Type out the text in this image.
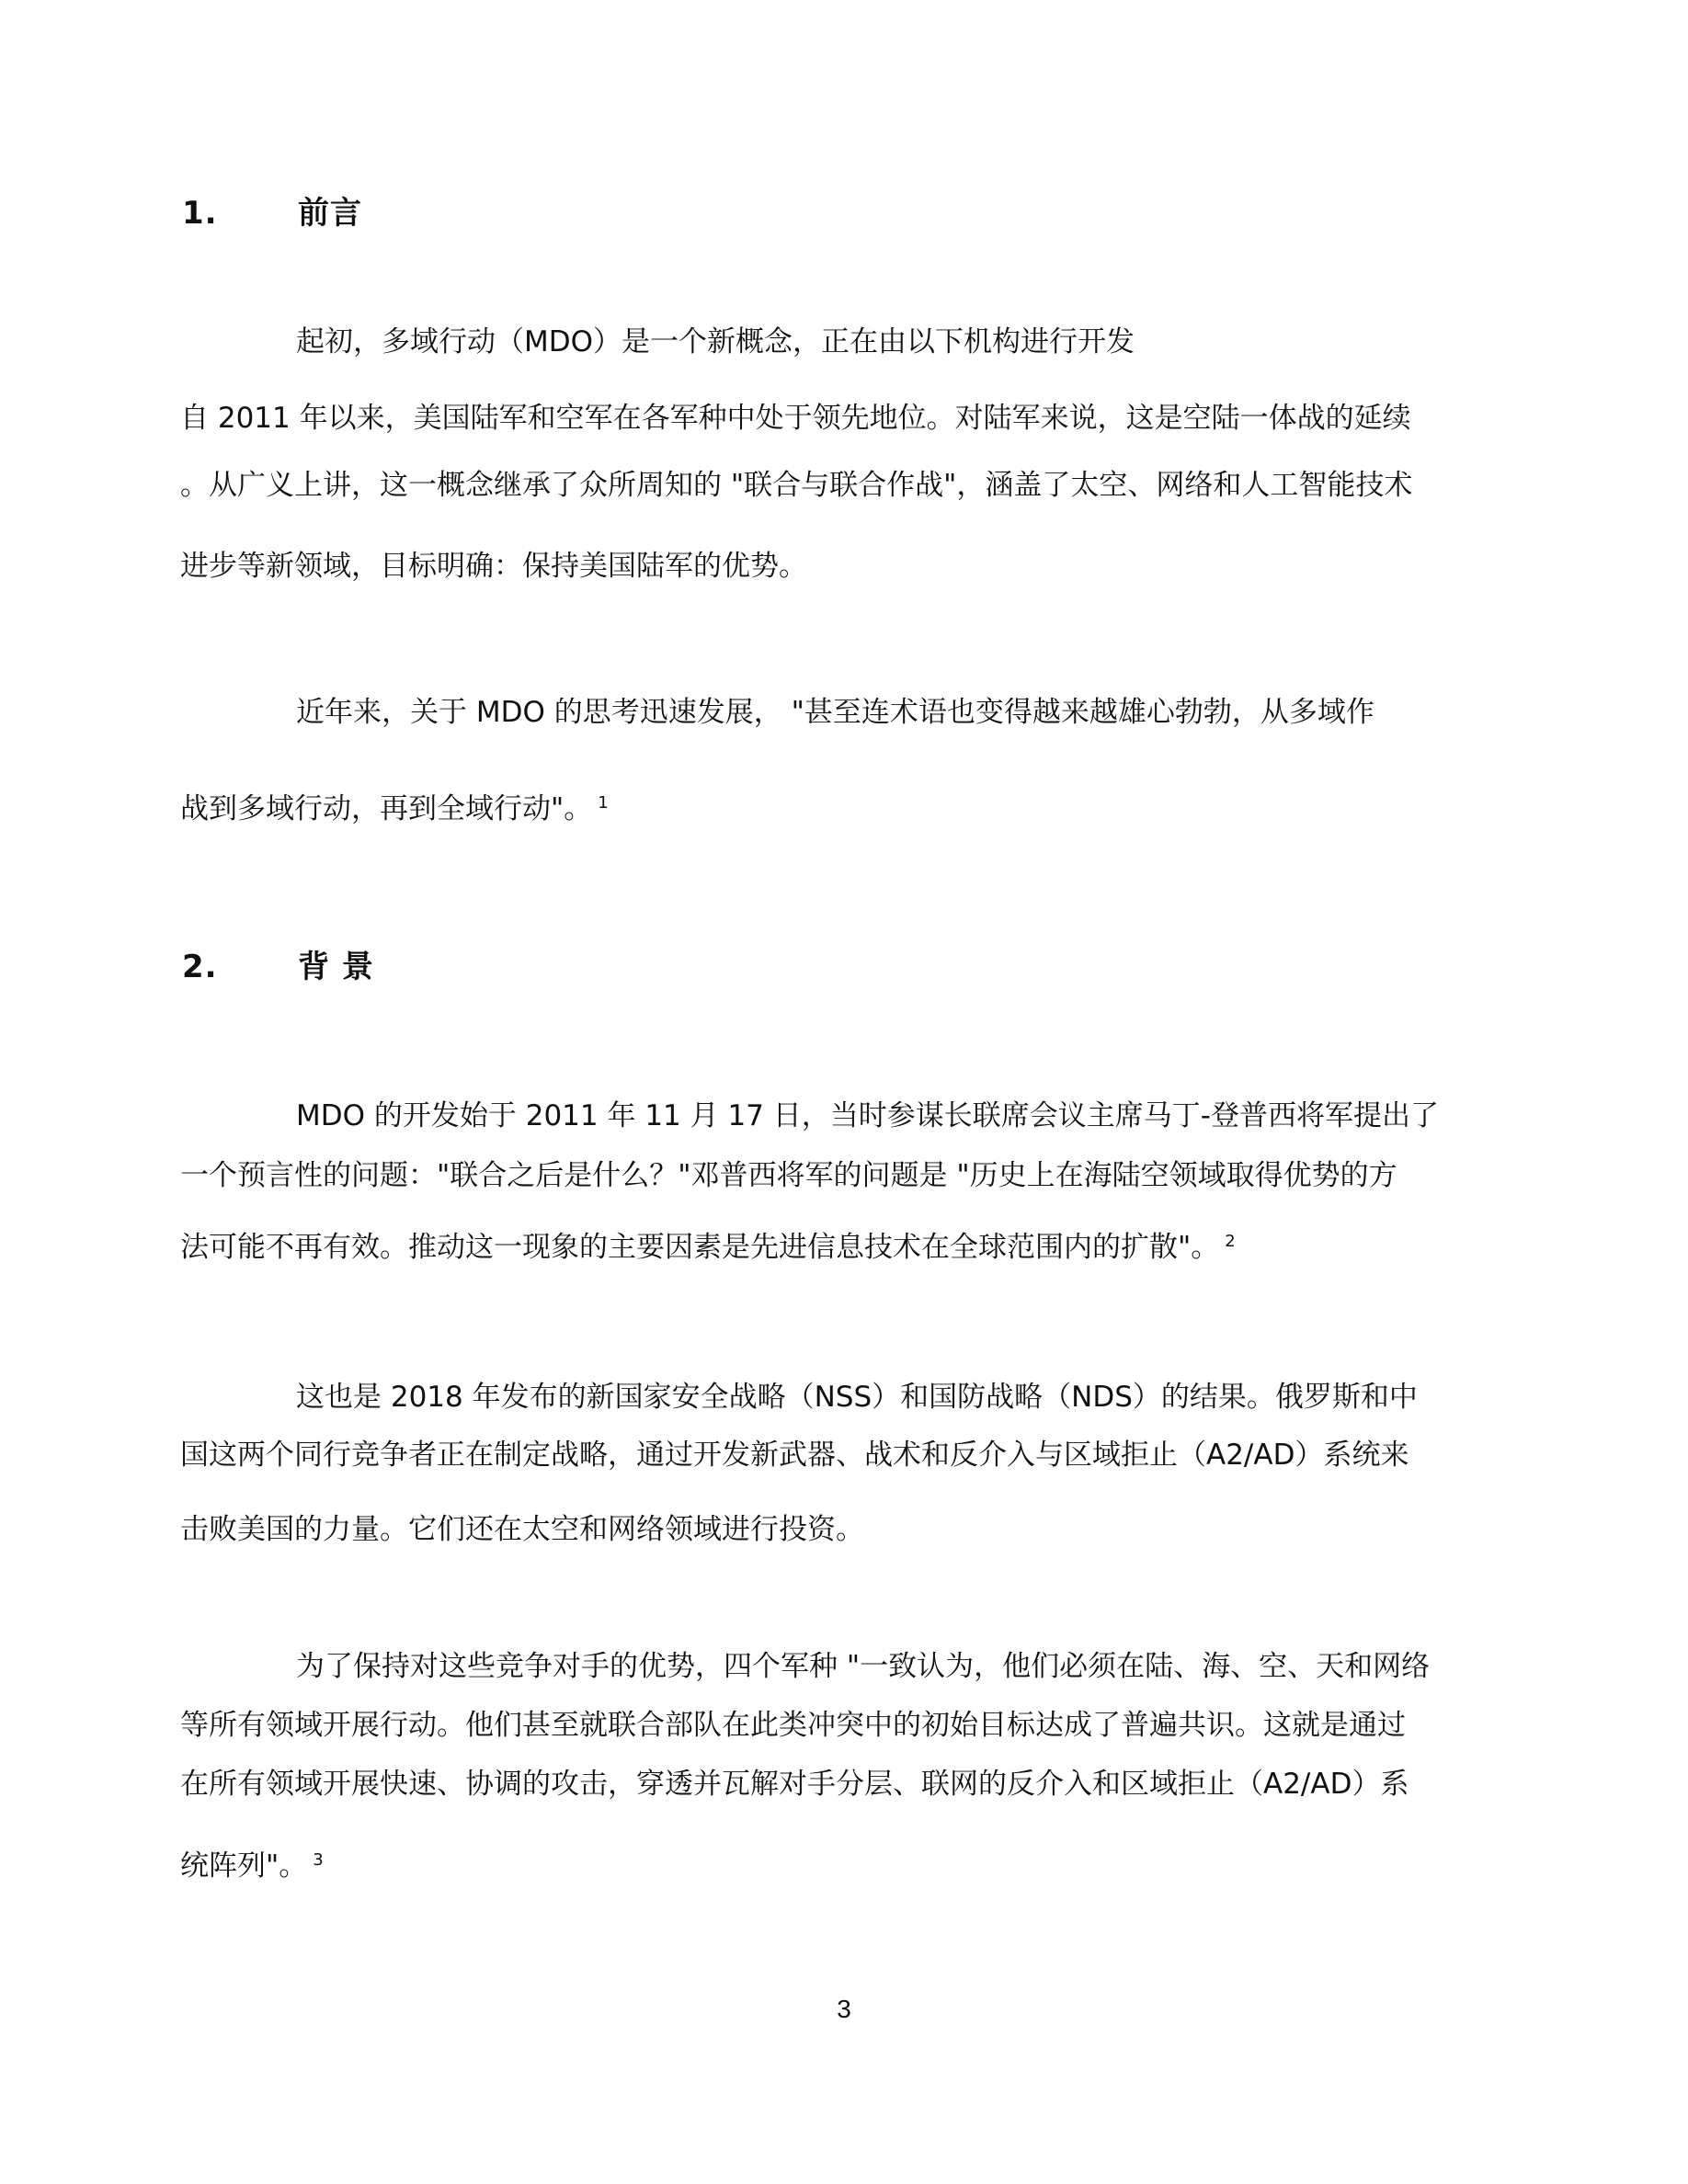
1.	前言

起初，多域行动（MDO）是一个新概念，正在由以下机构进行开发

自 2011 年以来，美国陆军和空军在各军种中处于领先地位。对陆军来说，这是空陆一体战的延续

。从广义上讲，这一概念继承了众所周知的 "联合与联合作战"，涵盖了太空、网络和人工智能技术

进步等新领域，目标明确：保持美国陆军的优势。

近年来，关于 MDO 的思考迅速发展， "甚至连术语也变得越来越雄心勃勃，从多域作

战到多域行动，再到全域行动"。 $^1$

2.	背 景

MDO 的开发始于 2011 年 11 月 17 日，当时参谋长联席会议主席马丁-登普西将军提出了

一个预言性的问题："联合之后是什么？"邓普西将军的问题是 "历史上在海陆空领域取得优势的方

法可能不再有效。推动这一现象的主要因素是先进信息技术在全球范围内的扩散"。 $^2$

这也是 2018 年发布的新国家安全战略（NSS）和国防战略（NDS）的结果。俄罗斯和中

国这两个同行竞争者正在制定战略，通过开发新武器、战术和反介入与区域拒止（A2/AD）系统来

击败美国的力量。它们还在太空和网络领域进行投资。

为了保持对这些竞争对手的优势，四个军种 "一致认为，他们必须在陆、海、空、天和网络

等所有领域开展行动。他们甚至就联合部队在此类冲突中的初始目标达成了普遍共识。这就是通过

在所有领域开展快速、协调的攻击，穿透并瓦解对手分层、联网的反介入和区域拒止（A2/AD）系

统阵列"。 $^3$

3
